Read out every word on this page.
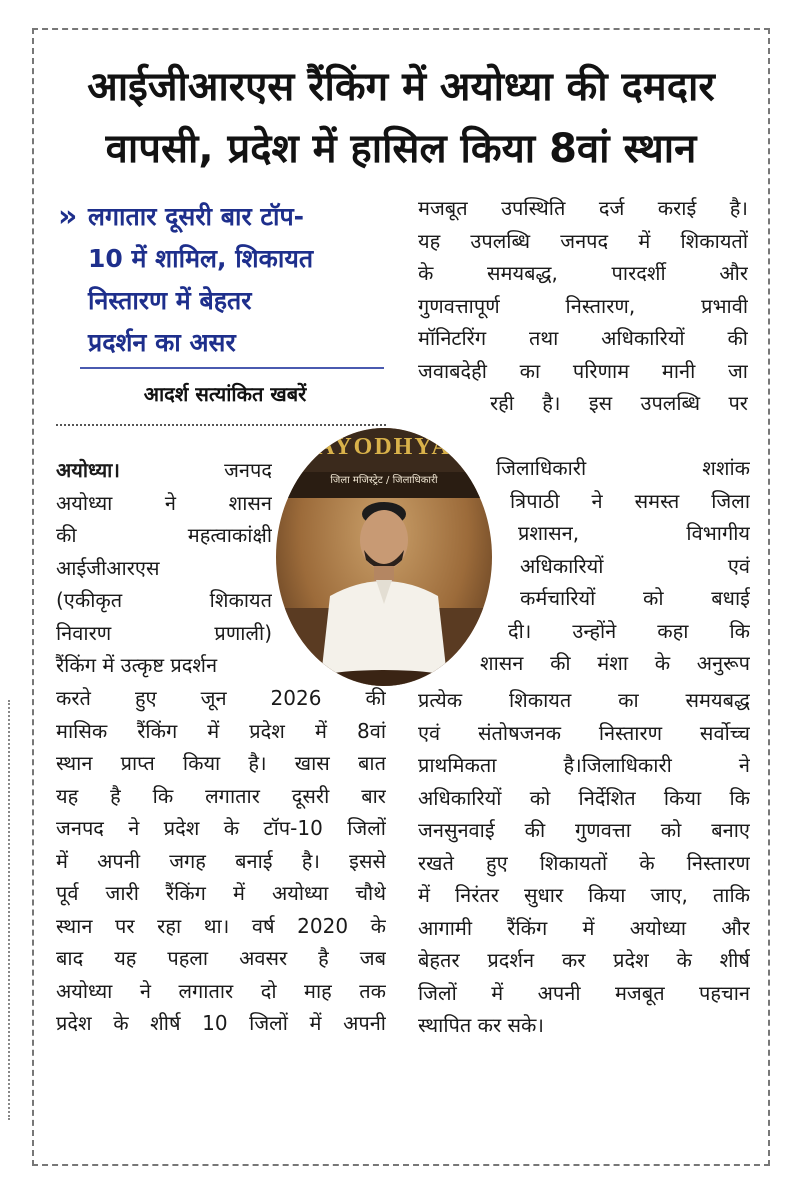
आईजीआरएस रैंकिंग में अयोध्या की दमदार
वापसी, प्रदेश में हासिल किया 8वां स्थान
» लगातार दूसरी बार टॉप-
10 में शामिल, शिकायत
निस्तारण में बेहतर
प्रदर्शन का असर
आदर्श सत्यांकित खबरें
AYODHYA
जिला मजिस्ट्रेट / जिलाधिकारी
अयोध्या।	जनपद
अयोध्या ने शासन
की महत्वाकांक्षी
आईजीआरएस
(एकीकृत शिकायत
निवारण प्रणाली)
रैंकिंग में उत्कृष्ट प्रदर्शन
करते हुए जून 2026 की
मासिक रैंकिंग में प्रदेश में 8वां
स्थान प्राप्त किया है। खास बात
यह है कि लगातार दूसरी बार
जनपद ने प्रदेश के टॉप-10 जिलों
में अपनी जगह बनाई है। इससे
पूर्व जारी रैंकिंग में अयोध्या चौथे
स्थान पर रहा था। वर्ष 2020 के
बाद यह पहला अवसर है जब
अयोध्या ने लगातार दो माह तक
प्रदेश के शीर्ष 10 जिलों में अपनी
मजबूत उपस्थिति दर्ज कराई है।
यह उपलब्धि जनपद में शिकायतों
के समयबद्ध, पारदर्शी और
गुणवत्तापूर्ण निस्तारण, प्रभावी
मॉनिटरिंग तथा अधिकारियों की
जवाबदेही का परिणाम मानी जा
रही है। इस उपलब्धि पर
जिलाधिकारी शशांक
त्रिपाठी ने समस्त जिला
प्रशासन, विभागीय
अधिकारियों एवं
कर्मचारियों को बधाई
दी। उन्होंने कहा कि
शासन की मंशा के अनुरूप
प्रत्येक शिकायत का समयबद्ध
एवं संतोषजनक निस्तारण सर्वोच्च
प्राथमिकता है।जिलाधिकारी ने
अधिकारियों को निर्देशित किया कि
जनसुनवाई की गुणवत्ता को बनाए
रखते हुए शिकायतों के निस्तारण
में निरंतर सुधार किया जाए, ताकि
आगामी रैंकिंग में अयोध्या और
बेहतर प्रदर्शन कर प्रदेश के शीर्ष
जिलों में अपनी मजबूत पहचान
स्थापित कर सके।
